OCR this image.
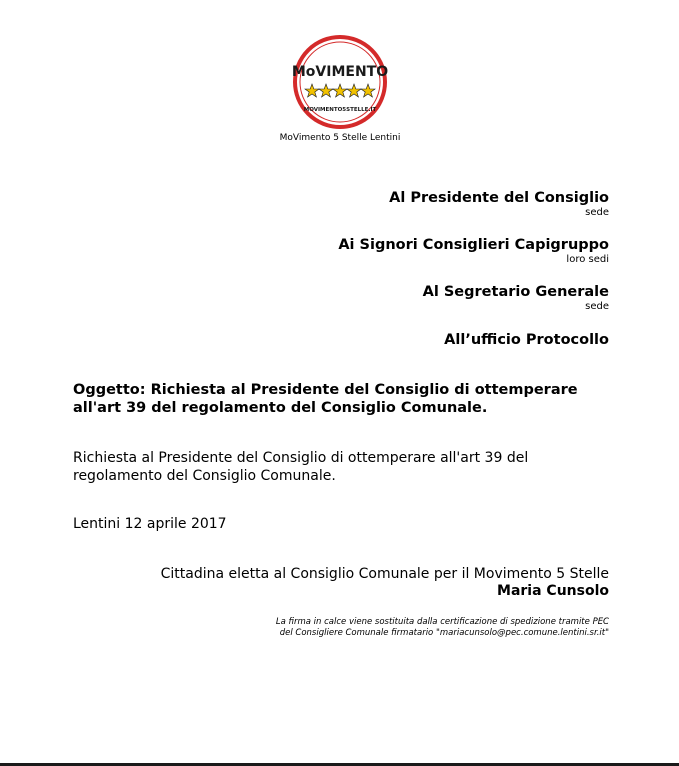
MoVIMENTO
MOVIMENTO5STELLE.IT
MoVimento 5 Stelle Lentini
Al Presidente del Consiglio
sede
Ai Signori Consiglieri Capigruppo
loro sedi
Al Segretario Generale
sede
All’ufficio Protocollo
Oggetto: Richiesta al Presidente del Consiglio di ottemperare all'art 39 del regolamento del Consiglio Comunale.
Richiesta al Presidente del Consiglio di ottemperare all'art 39 del regolamento del Consiglio Comunale.
Lentini 12 aprile 2017
Cittadina eletta al Consiglio Comunale per il Movimento 5 Stelle
Maria Cunsolo
La firma in calce viene sostituita dalla certificazione di spedizione tramite PEC
del Consigliere Comunale firmatario "mariacunsolo@pec.comune.lentini.sr.it"
